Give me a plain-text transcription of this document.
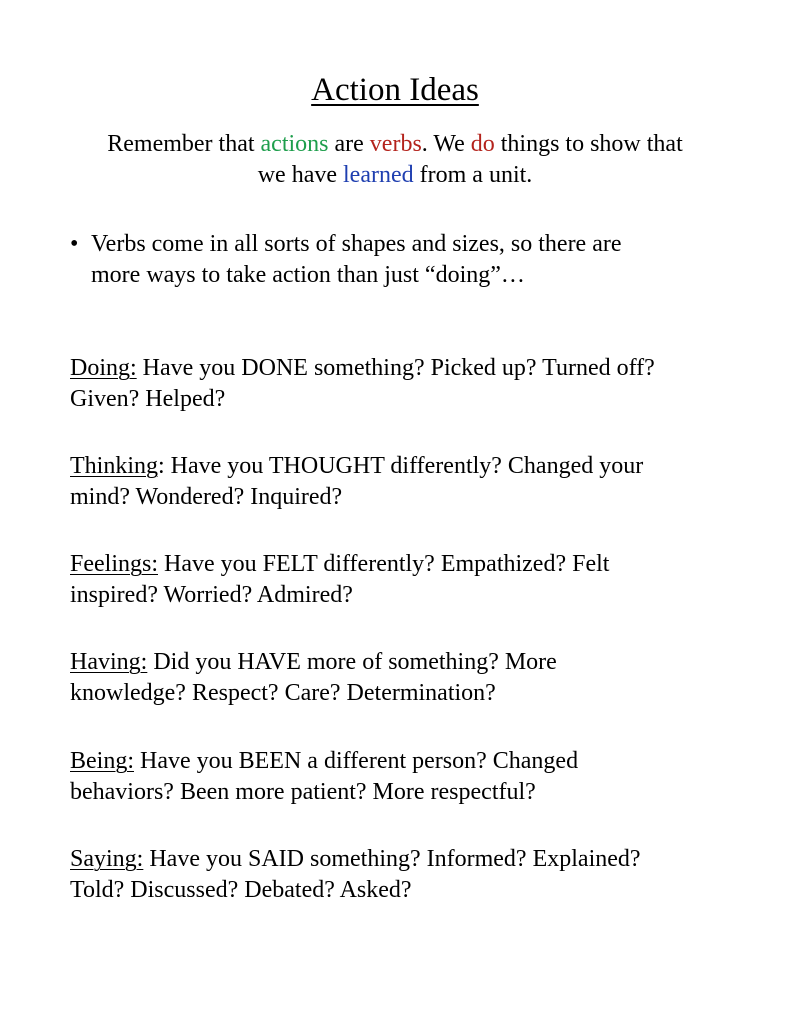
Action Ideas
Remember that actions are verbs. We do things to show that
we have learned from a unit.
• Verbs come in all sorts of shapes and sizes, so there are
more ways to take action than just “doing”…
Doing: Have you DONE something? Picked up? Turned off?
Given? Helped?
Thinking: Have you THOUGHT differently? Changed your
mind? Wondered? Inquired?
Feelings: Have you FELT differently? Empathized? Felt
inspired? Worried? Admired?
Having: Did you HAVE more of something? More
knowledge? Respect? Care? Determination?
Being: Have you BEEN a different person? Changed
behaviors? Been more patient? More respectful?
Saying: Have you SAID something? Informed? Explained?
Told? Discussed? Debated? Asked?
